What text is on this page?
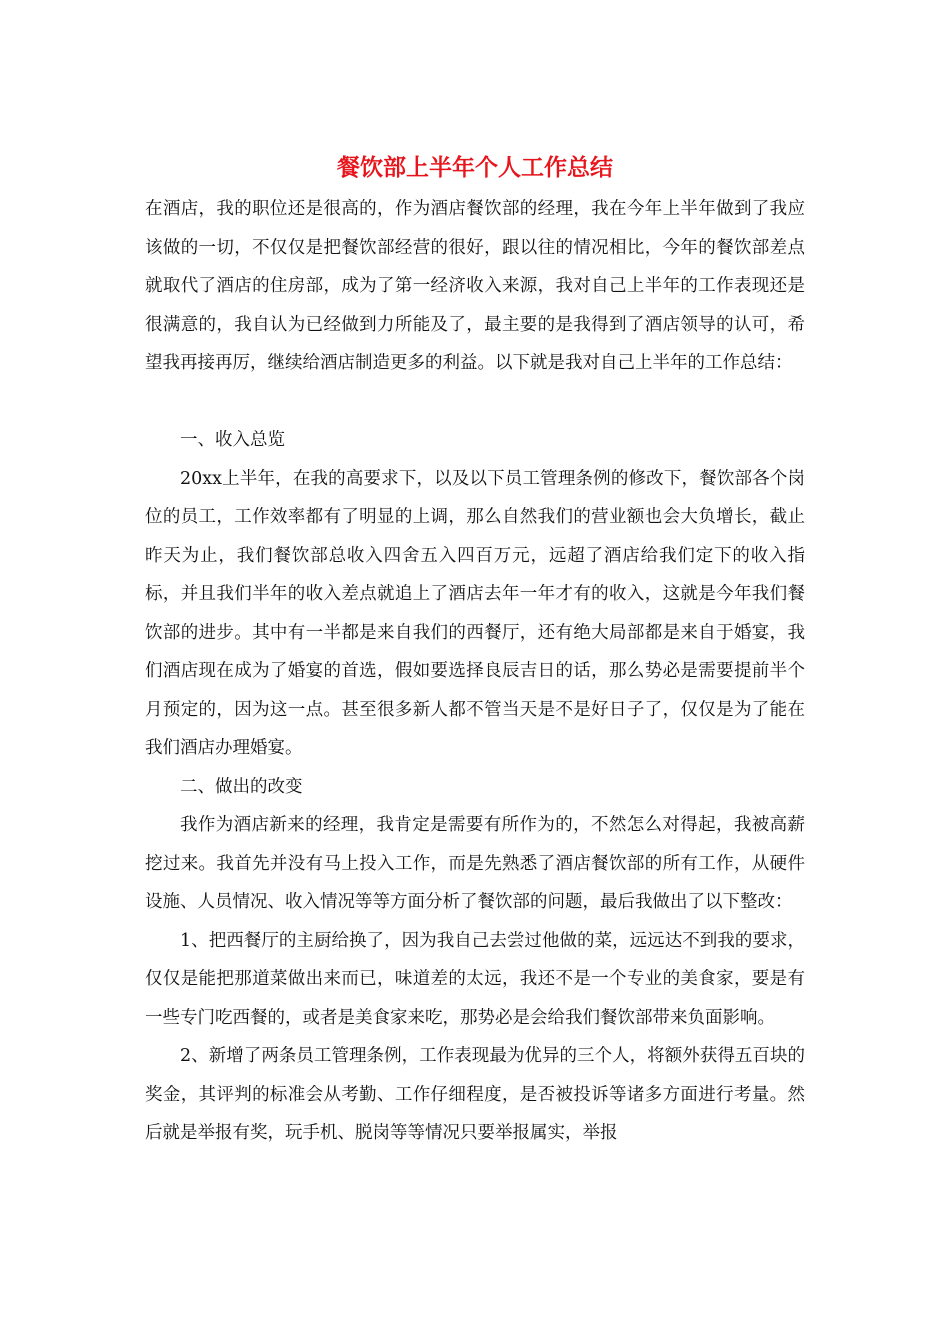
餐饮部上半年个人工作总结

在酒店，我的职位还是很高的，作为酒店餐饮部的经理，我在今年上半年做到了我应该做的一切，不仅仅是把餐饮部经营的很好，跟以往的情况相比，今年的餐饮部差点就取代了酒店的住房部，成为了第一经济收入来源，我对自己上半年的工作表现还是很满意的，我自认为已经做到力所能及了，最主要的是我得到了酒店领导的认可，希望我再接再厉，继续给酒店制造更多的利益。以下就是我对自己上半年的工作总结：

一、收入总览

20xx上半年，在我的高要求下，以及以下员工管理条例的修改下，餐饮部各个岗位的员工，工作效率都有了明显的上调，那么自然我们的营业额也会大负增长，截止昨天为止，我们餐饮部总收入四舍五入四百万元，远超了酒店给我们定下的收入指标，并且我们半年的收入差点就追上了酒店去年一年才有的收入，这就是今年我们餐饮部的进步。其中有一半都是来自我们的西餐厅，还有绝大局部都是来自于婚宴，我们酒店现在成为了婚宴的首选，假如要选择良辰吉日的话，那么势必是需要提前半个月预定的，因为这一点。甚至很多新人都不管当天是不是好日子了，仅仅是为了能在我们酒店办理婚宴。

二、做出的改变

我作为酒店新来的经理，我肯定是需要有所作为的，不然怎么对得起，我被高薪挖过来。我首先并没有马上投入工作，而是先熟悉了酒店餐饮部的所有工作，从硬件设施、人员情况、收入情况等等方面分析了餐饮部的问题，最后我做出了以下整改：

1、把西餐厅的主厨给换了，因为我自己去尝过他做的菜，远远达不到我的要求，仅仅是能把那道菜做出来而已，味道差的太远，我还不是一个专业的美食家，要是有一些专门吃西餐的，或者是美食家来吃，那势必是会给我们餐饮部带来负面影响。

2、新增了两条员工管理条例，工作表现最为优异的三个人，将额外获得五百块的奖金，其评判的标准会从考勤、工作仔细程度，是否被投诉等诸多方面进行考量。然后就是举报有奖，玩手机、脱岗等等情况只要举报属实，举报
